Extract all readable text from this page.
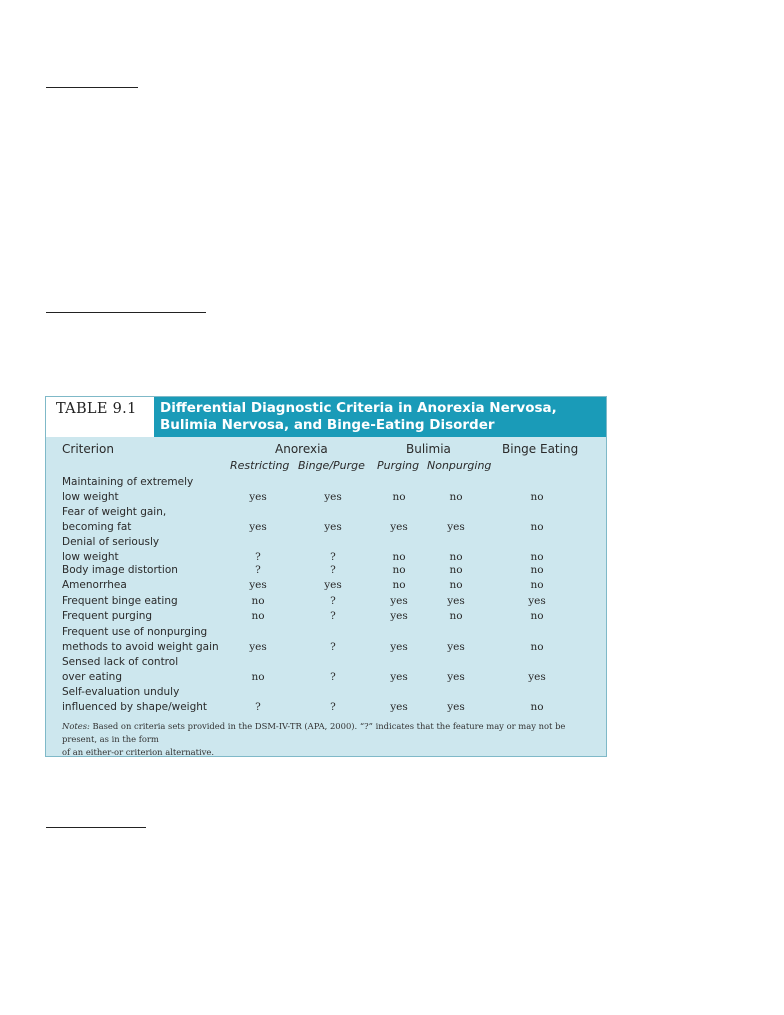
TABLE 9.1	Differential Diagnostic Criteria in Anorexia Nervosa,
Bulimia Nervosa, and Binge-Eating Disorder
Criterion	Anorexia	Bulimia	Binge Eating
Restricting Binge/Purge Purging Nonpurging
Maintaining of extremely
low weight	yes	yes	no	no	no
Fear of weight gain,
becoming fat	yes	yes	yes	yes	no
Denial of seriously
low weight	?	?	no	no	no
Body image distortion	?	?	no	no	no
Amenorrhea	yes	yes	no	no	no
Frequent binge eating	no	?	yes	yes	yes
Frequent purging	no	?	yes	no	no
Frequent use of nonpurging
methods to avoid weight gain	yes	?	yes	yes	no
Sensed lack of control
over eating	no	?	yes	yes	yes
Self-evaluation unduly
influenced by shape/weight	?	?	yes	yes	no
Notes: Based on criteria sets provided in the DSM-IV-TR (APA, 2000). “?” indicates that the feature may or may not be present, as in the form
of an either-or criterion alternative.
